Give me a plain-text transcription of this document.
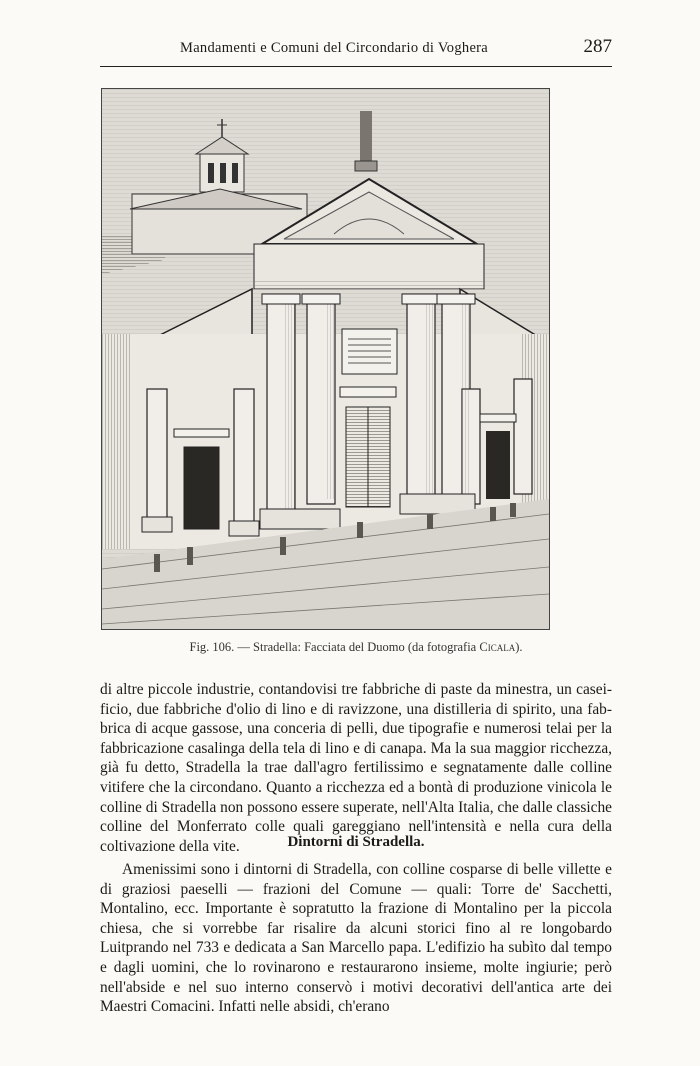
Mandamenti e Comuni del Circondario di Voghera	287
Fig. 106. — Stradella: Facciata del Duomo (da fotografia Cicala).

di altre piccole industrie, contandovisi tre fabbriche di paste da minestra, un casei-ficio, due fabbriche d'olio di lino e di ravizzone, una distilleria di spirito, una fab-brica di acque gassose, una conceria di pelli, due tipografie e numerosi telai per la fabbricazione casalinga della tela di lino e di canapa. Ma la sua maggior ricchezza, già fu detto, Stradella la trae dall'agro fertilissimo e segnatamente dalle colline vitifere che la circondano. Quanto a ricchezza ed a bontà di produzione vinicola le colline di Stradella non possono essere superate, nell'Alta Italia, che dalle classiche colline del Monferrato colle quali gareggiano nell'intensità e nella cura della coltivazione della vite.	Dintorni di Stradella.

Amenissimi sono i dintorni di Stradella, con colline cosparse di belle villette e di graziosi paeselli — frazioni del Comune — quali: Torre de' Sacchetti, Montalino, ecc. Importante è sopratutto la frazione di Montalino per la piccola chiesa, che si vorrebbe far risalire da alcuni storici fino al re longobardo Luitprando nel 733 e dedicata a San Marcello papa. L'edifizio ha subìto dal tempo e dagli uomini, che lo rovinarono e restaurarono insieme, molte ingiurie; però nell'abside e nel suo interno conservò i motivi decorativi dell'antica arte dei Maestri Comacini. Infatti nelle absidi, ch'erano
